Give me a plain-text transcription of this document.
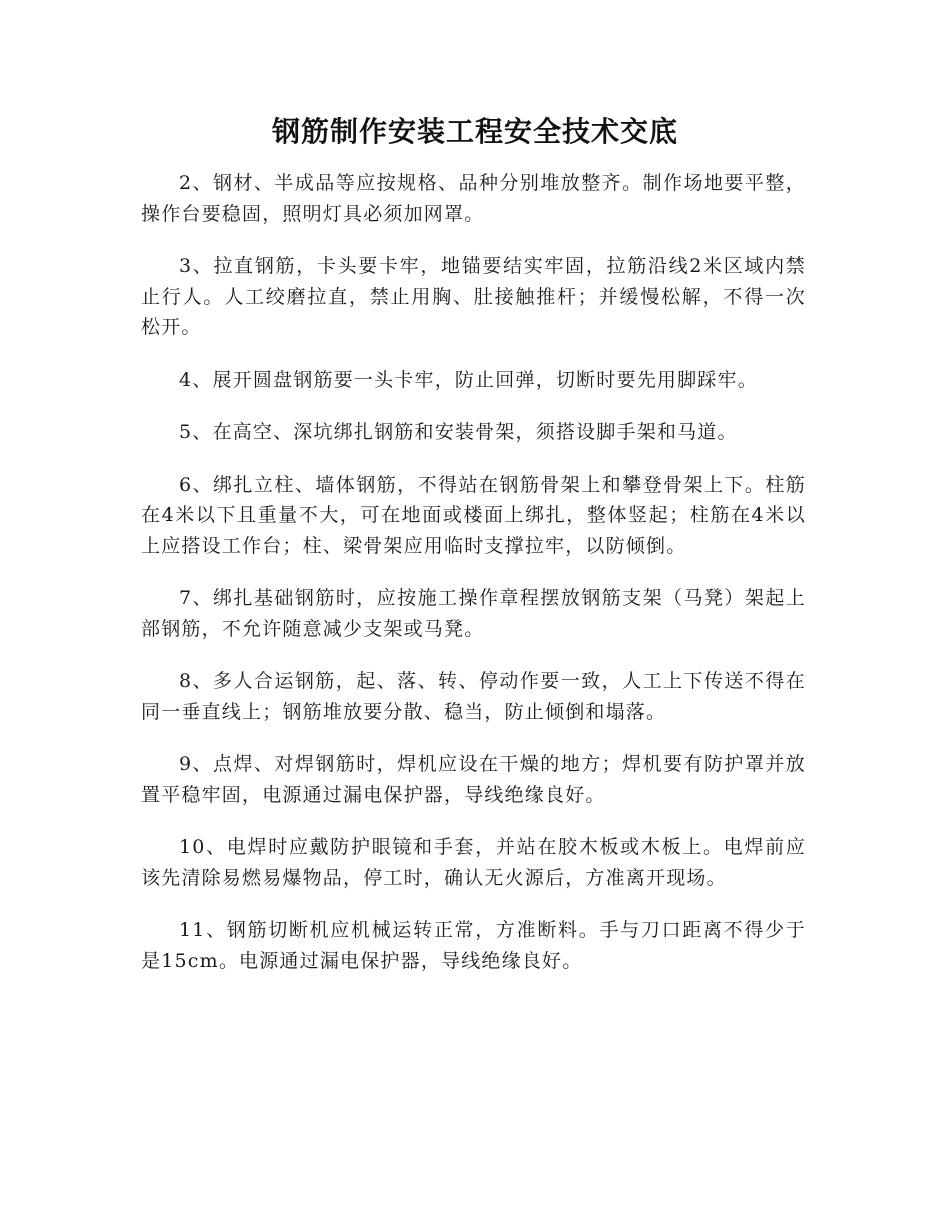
钢筋制作安装工程安全技术交底

2、钢材、半成品等应按规格、品种分别堆放整齐。制作场地要平整，操作台要稳固，照明灯具必须加网罩。

3、拉直钢筋，卡头要卡牢，地锚要结实牢固，拉筋沿线2米区域内禁止行人。人工绞磨拉直，禁止用胸、肚接触推杆；并缓慢松解，不得一次松开。

4、展开圆盘钢筋要一头卡牢，防止回弹，切断时要先用脚踩牢。

5、在高空、深坑绑扎钢筋和安装骨架，须搭设脚手架和马道。

6、绑扎立柱、墙体钢筋，不得站在钢筋骨架上和攀登骨架上下。柱筋在4米以下且重量不大，可在地面或楼面上绑扎，整体竖起；柱筋在4米以上应搭设工作台；柱、梁骨架应用临时支撑拉牢，以防倾倒。

7、绑扎基础钢筋时，应按施工操作章程摆放钢筋支架（马凳）架起上部钢筋，不允许随意减少支架或马凳。

8、多人合运钢筋，起、落、转、停动作要一致，人工上下传送不得在同一垂直线上；钢筋堆放要分散、稳当，防止倾倒和塌落。

9、点焊、对焊钢筋时，焊机应设在干燥的地方；焊机要有防护罩并放置平稳牢固，电源通过漏电保护器，导线绝缘良好。

10、电焊时应戴防护眼镜和手套，并站在胶木板或木板上。电焊前应该先清除易燃易爆物品，停工时，确认无火源后，方准离开现场。

11、钢筋切断机应机械运转正常，方准断料。手与刀口距离不得少于是15cm。电源通过漏电保护器，导线绝缘良好。
